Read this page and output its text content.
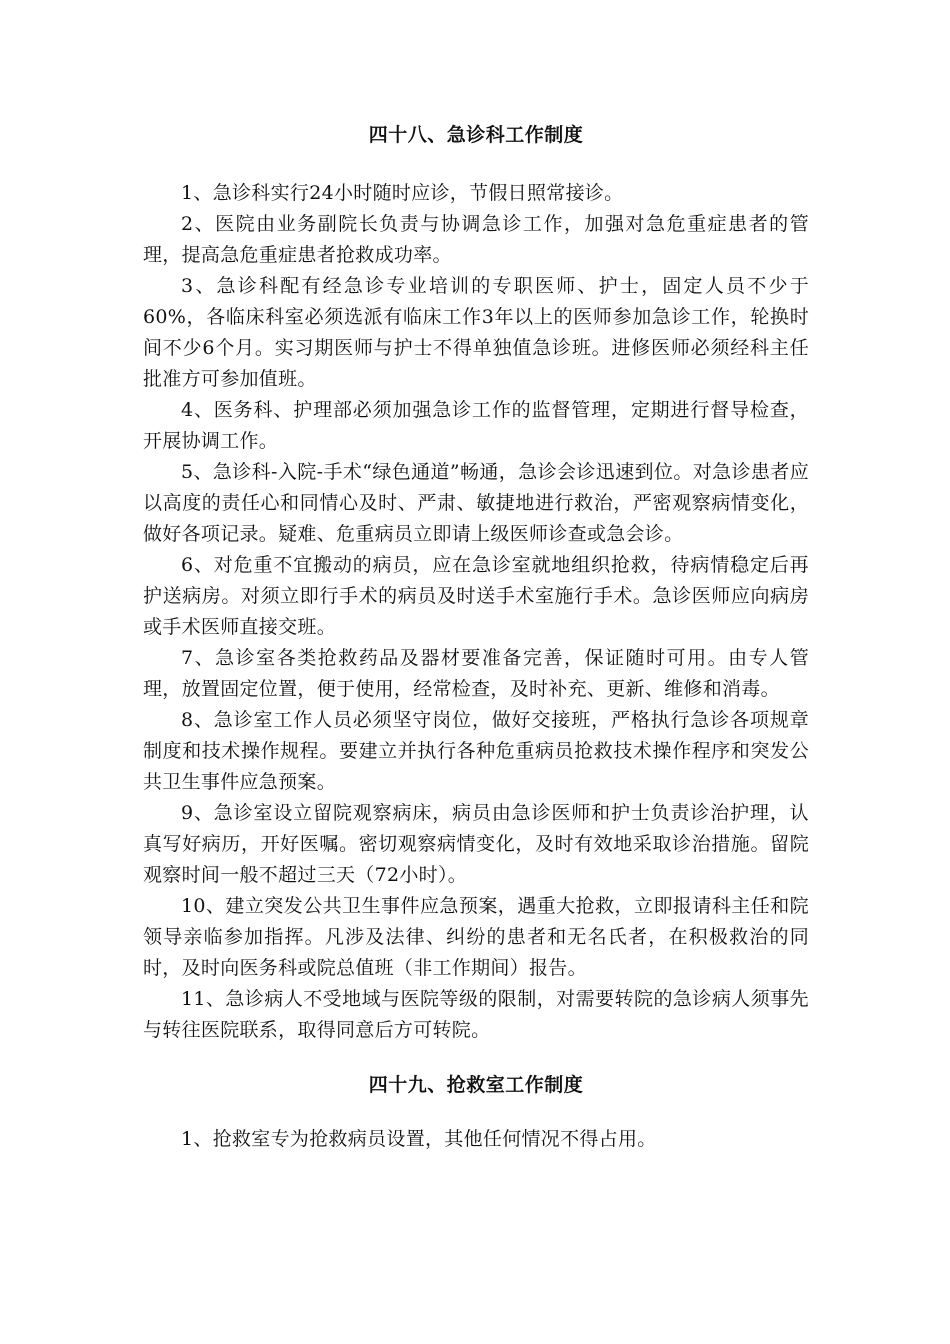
四十八、急诊科工作制度

1、急诊科实行24小时随时应诊，节假日照常接诊。

2、医院由业务副院长负责与协调急诊工作，加强对急危重症患者的管理，提高急危重症患者抢救成功率。

3、急诊科配有经急诊专业培训的专职医师、护士，固定人员不少于60%，各临床科室必须选派有临床工作3年以上的医师参加急诊工作，轮换时间不少6个月。实习期医师与护士不得单独值急诊班。进修医师必须经科主任批准方可参加值班。

4、医务科、护理部必须加强急诊工作的监督管理，定期进行督导检查，开展协调工作。

5、急诊科-入院-手术“绿色通道”畅通，急诊会诊迅速到位。对急诊患者应以高度的责任心和同情心及时、严肃、敏捷地进行救治，严密观察病情变化，做好各项记录。疑难、危重病员立即请上级医师诊查或急会诊。

6、对危重不宜搬动的病员，应在急诊室就地组织抢救，待病情稳定后再护送病房。对须立即行手术的病员及时送手术室施行手术。急诊医师应向病房或手术医师直接交班。

7、急诊室各类抢救药品及器材要准备完善，保证随时可用。由专人管理，放置固定位置，便于使用，经常检查，及时补充、更新、维修和消毒。

8、急诊室工作人员必须坚守岗位，做好交接班，严格执行急诊各项规章制度和技术操作规程。要建立并执行各种危重病员抢救技术操作程序和突发公共卫生事件应急预案。

9、急诊室设立留院观察病床，病员由急诊医师和护士负责诊治护理，认真写好病历，开好医嘱。密切观察病情变化，及时有效地采取诊治措施。留院观察时间一般不超过三天（72小时）。

10、建立突发公共卫生事件应急预案，遇重大抢救，立即报请科主任和院领导亲临参加指挥。凡涉及法律、纠纷的患者和无名氏者，在积极救治的同时，及时向医务科或院总值班（非工作期间）报告。

11、急诊病人不受地域与医院等级的限制，对需要转院的急诊病人须事先与转往医院联系，取得同意后方可转院。

四十九、抢救室工作制度

1、抢救室专为抢救病员设置，其他任何情况不得占用。
